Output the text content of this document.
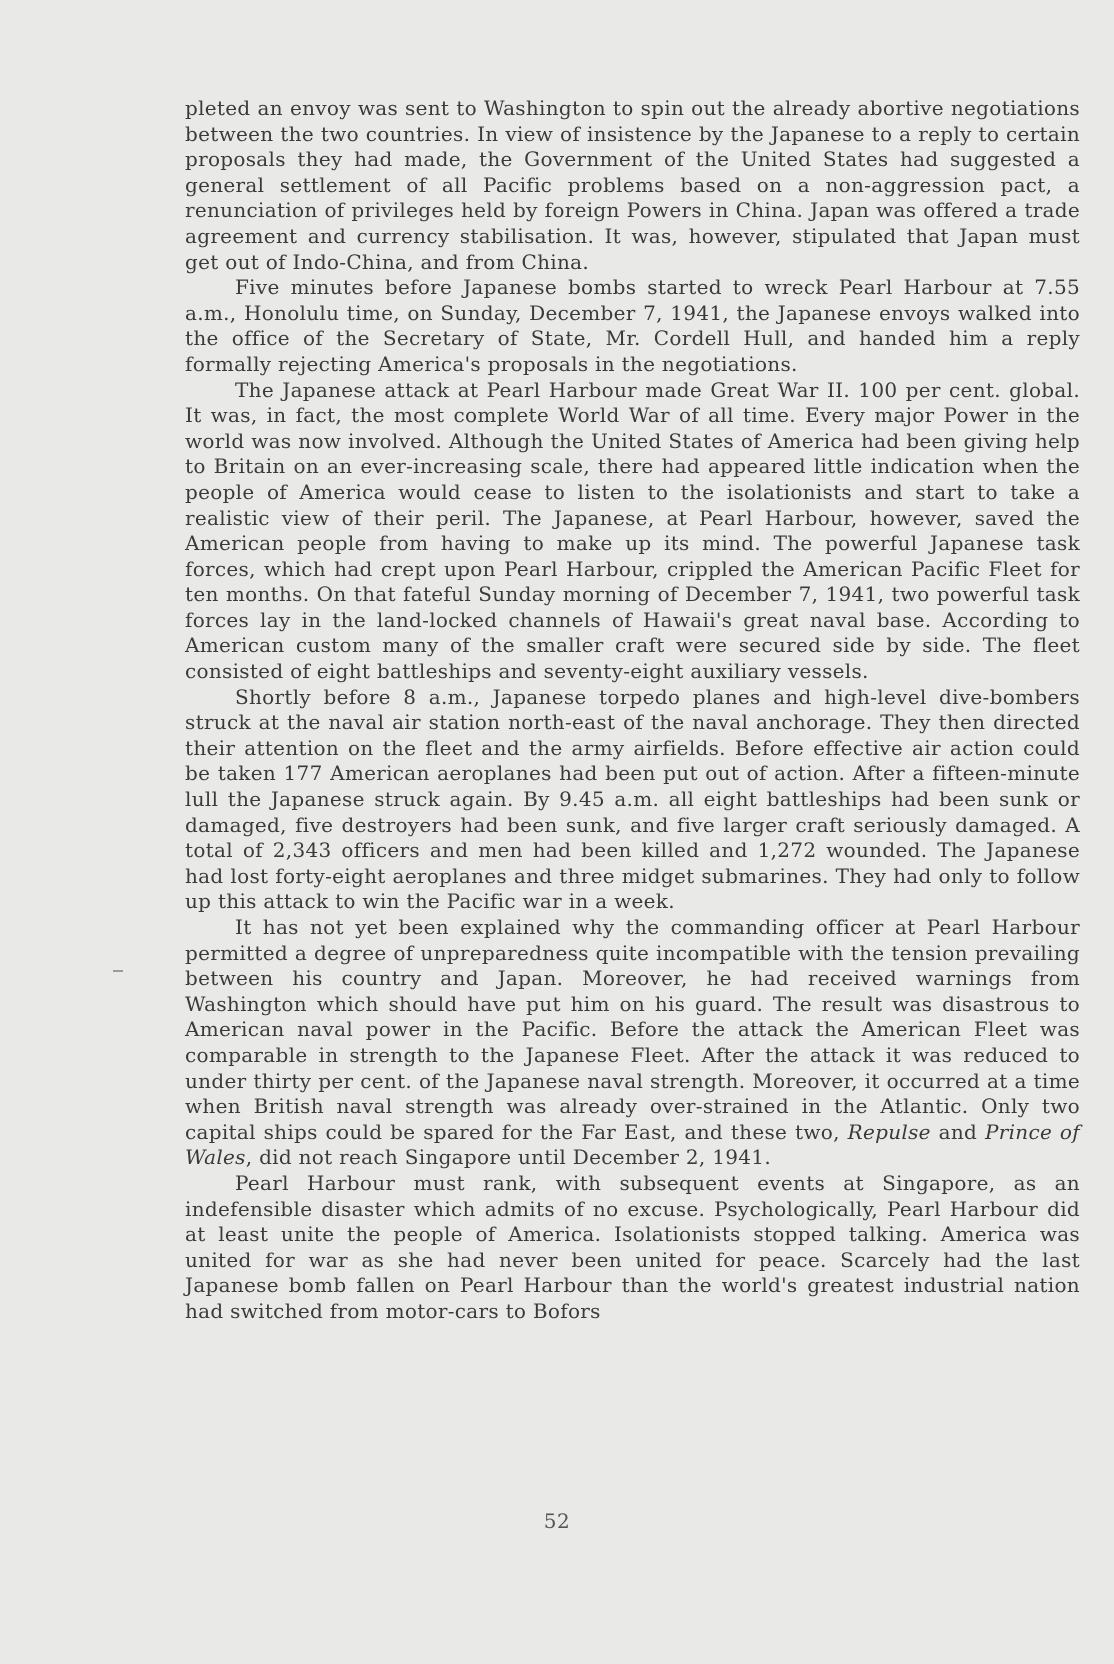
pleted an envoy was sent to Washington to spin out the already abortive negotiations between the two countries. In view of insistence by the Japanese to a reply to certain proposals they had made, the Government of the United States had suggested a general settlement of all Pacific problems based on a non-aggression pact, a renunciation of privileges held by foreign Powers in China. Japan was offered a trade agreement and currency stabilisation. It was, however, stipulated that Japan must get out of Indo-China, and from China.

Five minutes before Japanese bombs started to wreck Pearl Harbour at 7.55 a.m., Honolulu time, on Sunday, December 7, 1941, the Japanese envoys walked into the office of the Secretary of State, Mr. Cordell Hull, and handed him a reply formally rejecting America's proposals in the negotiations.

The Japanese attack at Pearl Harbour made Great War II. 100 per cent. global. It was, in fact, the most complete World War of all time. Every major Power in the world was now involved. Although the United States of America had been giving help to Britain on an ever-increasing scale, there had appeared little indication when the people of America would cease to listen to the isolationists and start to take a realistic view of their peril. The Japanese, at Pearl Harbour, however, saved the American people from having to make up its mind. The powerful Japanese task forces, which had crept upon Pearl Harbour, crippled the American Pacific Fleet for ten months. On that fateful Sunday morning of December 7, 1941, two powerful task forces lay in the land-locked channels of Hawaii's great naval base. According to American custom many of the smaller craft were secured side by side. The fleet consisted of eight battleships and seventy-eight auxiliary vessels.

Shortly before 8 a.m., Japanese torpedo planes and high-level dive-bombers struck at the naval air station north-east of the naval anchorage. They then directed their attention on the fleet and the army airfields. Before effective air action could be taken 177 American aeroplanes had been put out of action. After a fifteen-minute lull the Japanese struck again. By 9.45 a.m. all eight battleships had been sunk or damaged, five destroyers had been sunk, and five larger craft seriously damaged. A total of 2,343 officers and men had been killed and 1,272 wounded. The Japanese had lost forty-eight aeroplanes and three midget submarines. They had only to follow up this attack to win the Pacific war in a week.

It has not yet been explained why the commanding officer at Pearl Harbour permitted a degree of unpreparedness quite incompatible with the tension prevailing between his country and Japan. Moreover, he had received warnings from Washington which should have put him on his guard. The result was disastrous to American naval power in the Pacific. Before the attack the American Fleet was comparable in strength to the Japanese Fleet. After the attack it was reduced to under thirty per cent. of the Japanese naval strength. Moreover, it occurred at a time when British naval strength was already over-strained in the Atlantic. Only two capital ships could be spared for the Far East, and these two, Repulse and Prince of Wales, did not reach Singapore until December 2, 1941.

Pearl Harbour must rank, with subsequent events at Singapore, as an indefensible disaster which admits of no excuse. Psychologically, Pearl Harbour did at least unite the people of America. Isolationists stopped talking. America was united for war as she had never been united for peace. Scarcely had the last Japanese bomb fallen on Pearl Harbour than the world's greatest industrial nation had switched from motor-cars to Bofors

52
